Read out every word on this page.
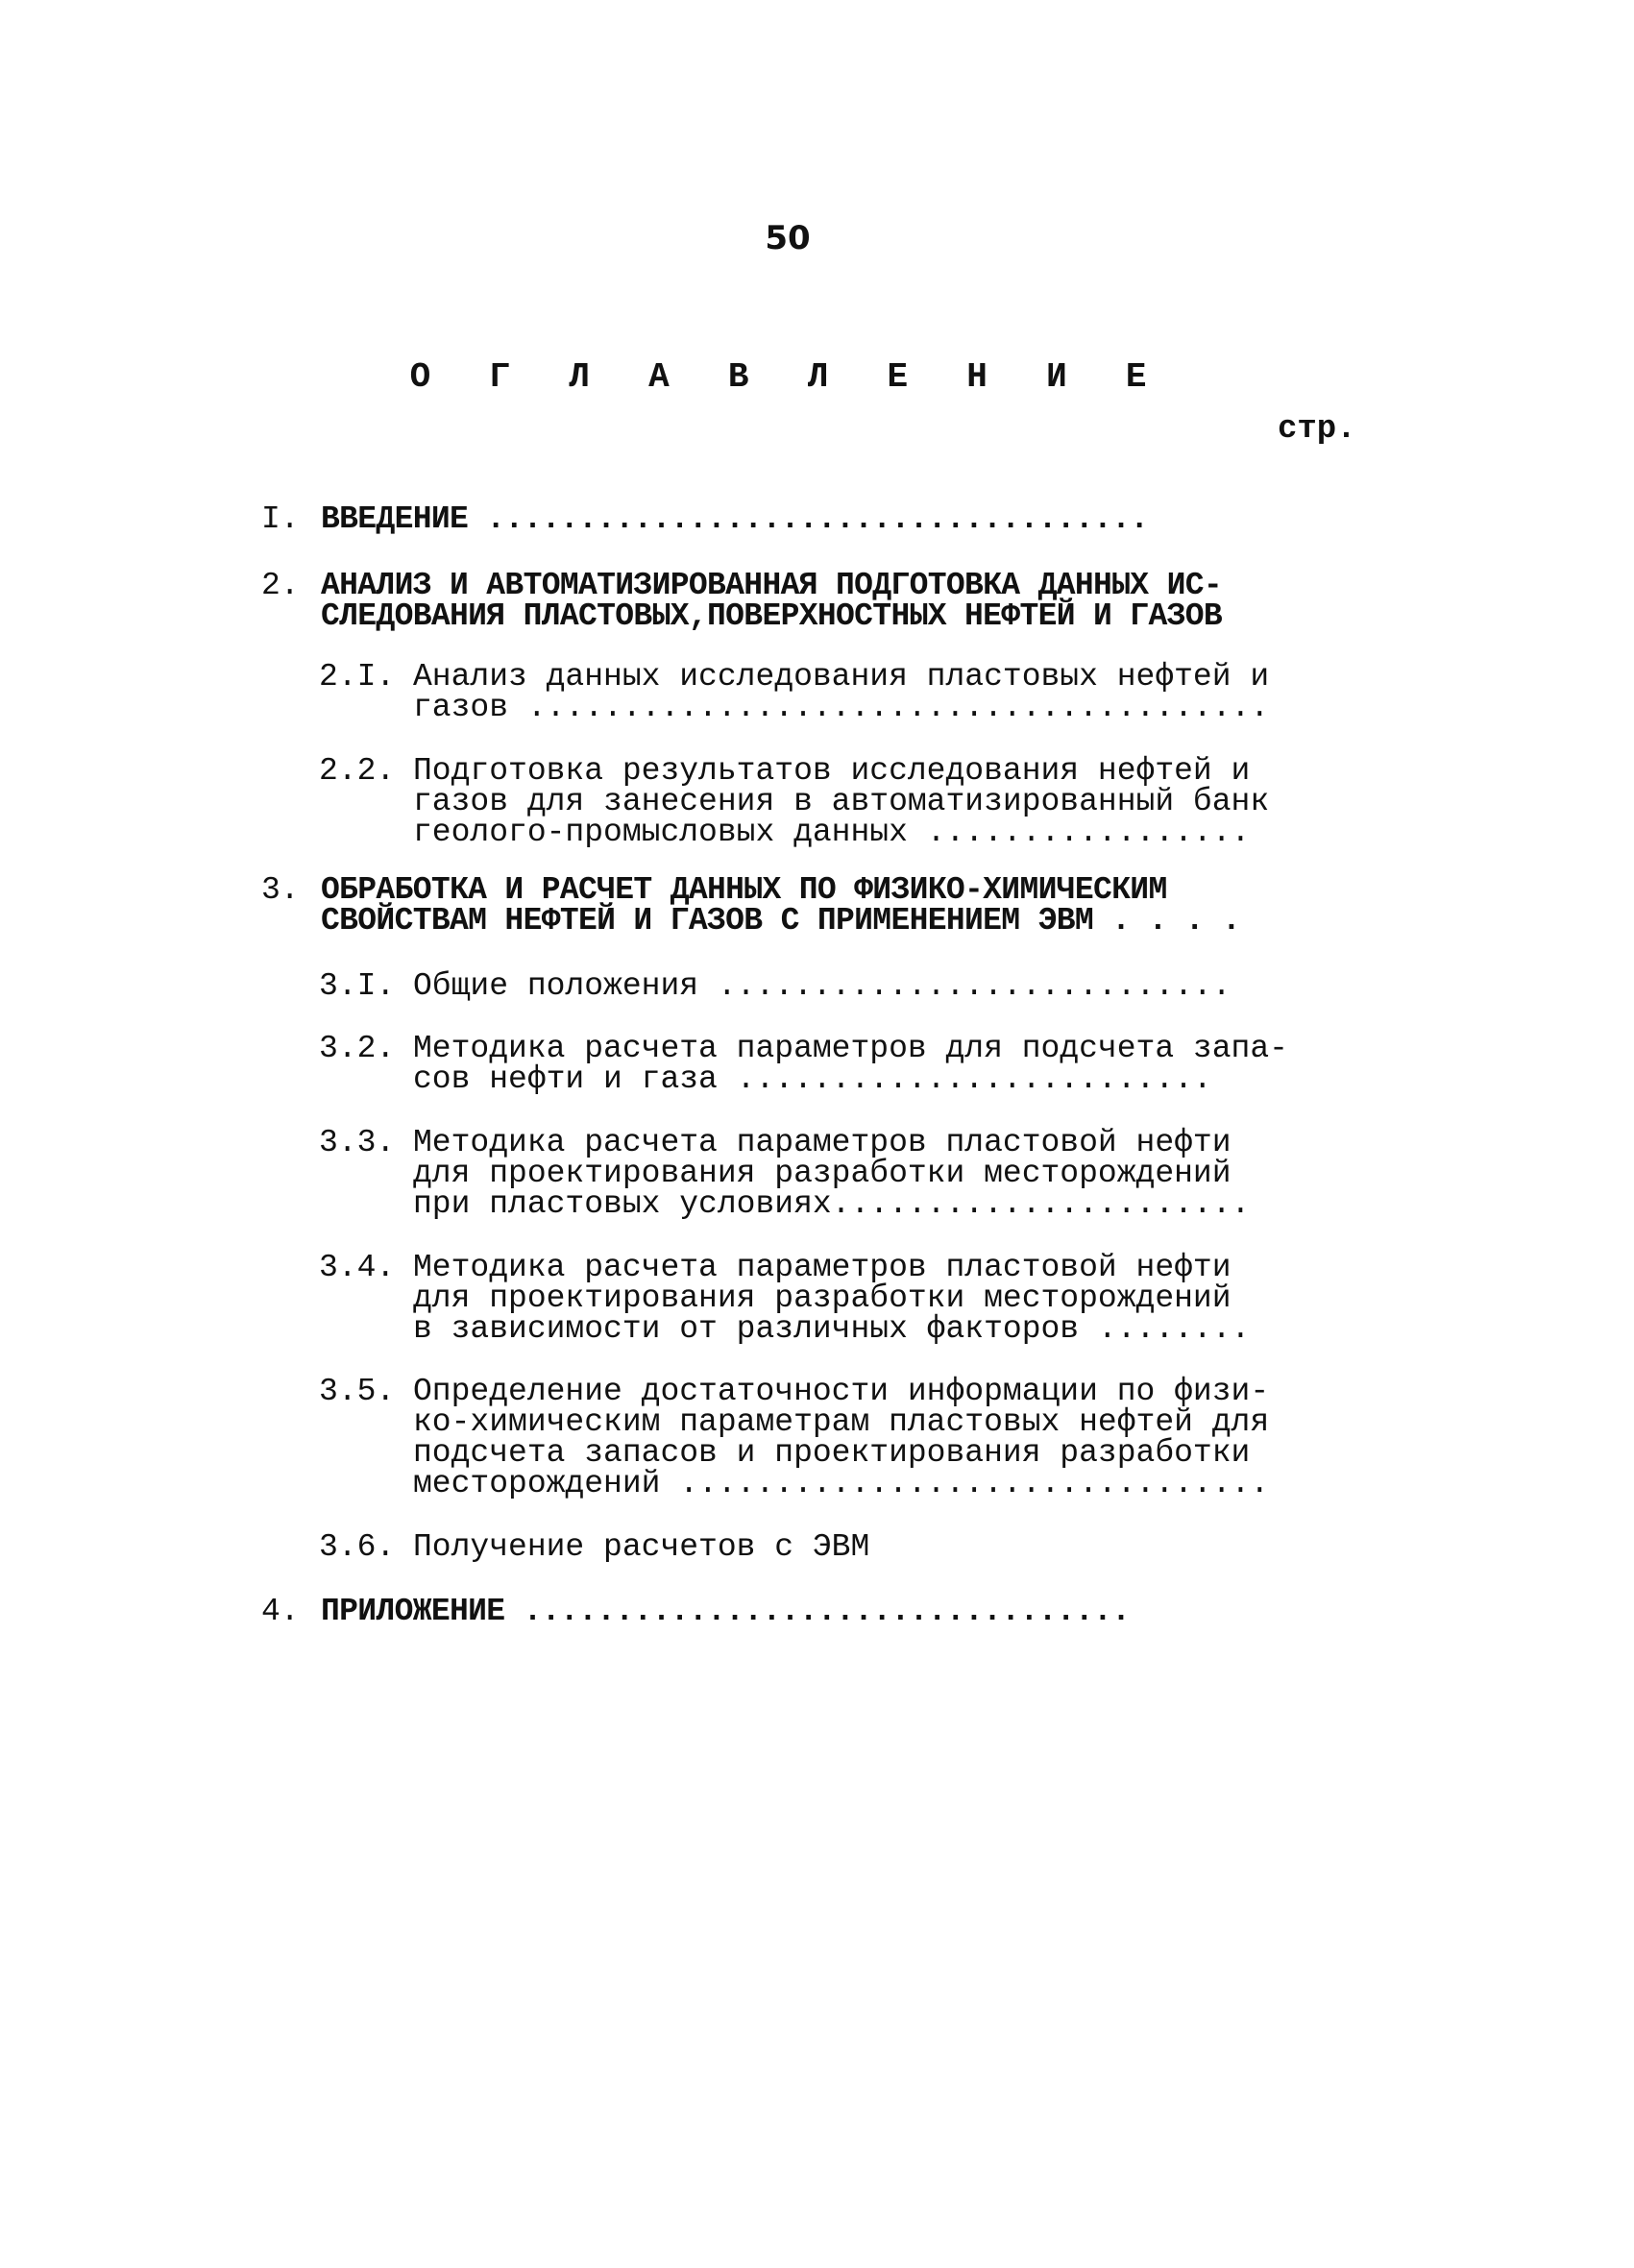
50
О Г Л А В Л Е Н И Е
стр.

I.

ВВЕДЕНИЕ ....................................

2.

АНАЛИЗ И АВТОМАТИЗИРОВАННАЯ ПОДГОТОВКА ДАННЫХ ИС-

СЛЕДОВАНИЯ ПЛАСТОВЫХ,ПОВЕРХНОСТНЫХ НЕФТЕЙ И ГАЗОВ

2.I.

Анализ данных исследования пластовых нефтей и

газов .......................................

2.2.

Подготовка результатов исследования нефтей и

газов для занесения в автоматизированный банк

геолого-промысловых данных .................

3.

ОБРАБОТКА И РАСЧЕТ ДАННЫХ ПО ФИЗИКО-ХИМИЧЕСКИМ

СВОЙСТВАМ НЕФТЕЙ И ГАЗОВ С ПРИМЕНЕНИЕМ ЭВМ . . . .

3.I.

Общие положения ...........................

3.2.

Методика расчета параметров для подсчета запа-

сов нефти и газа .........................

3.3.

Методика расчета параметров пластовой нефти

для проектирования разработки месторождений

при пластовых условиях......................

3.4.

Методика расчета параметров пластовой нефти

для проектирования разработки месторождений

в зависимости от различных факторов ........

3.5.

Определение достаточности информации по физи-

ко-химическим параметрам пластовых нефтей для

подсчета запасов и проектирования разработки

месторождений ...............................

3.6.

Получение расчетов с ЭВМ

4.

ПРИЛОЖЕНИЕ .................................
